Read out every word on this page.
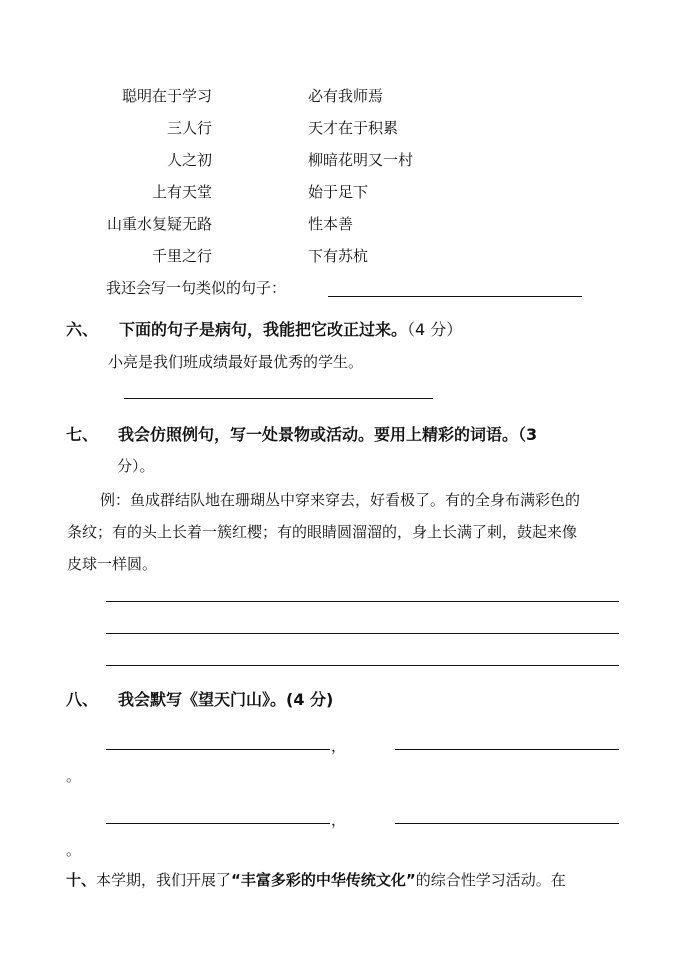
聪明在于学习	必有我师焉
三人行	天才在于积累
人之初	柳暗花明又一村
上有天堂	始于足下
山重水复疑无路	性本善
千里之行	下有苏杭
我还会写一句类似的句子：
六、 下面的句子是病句，我能把它改正过来。（4 分）
小亮是我们班成绩最好最优秀的学生。
七、 我会仿照例句，写一处景物或活动。要用上精彩的词语。（3
分）。
例：鱼成群结队地在珊瑚丛中穿来穿去，好看极了。有的全身布满彩色的
条纹；有的头上长着一簇红樱；有的眼睛圆溜溜的，身上长满了刺，鼓起来像
皮球一样圆。
八、 我会默写《望天门山》。(4 分)
，
。
，
。
十、本学期，我们开展了“丰富多彩的中华传统文化”的综合性学习活动。在
